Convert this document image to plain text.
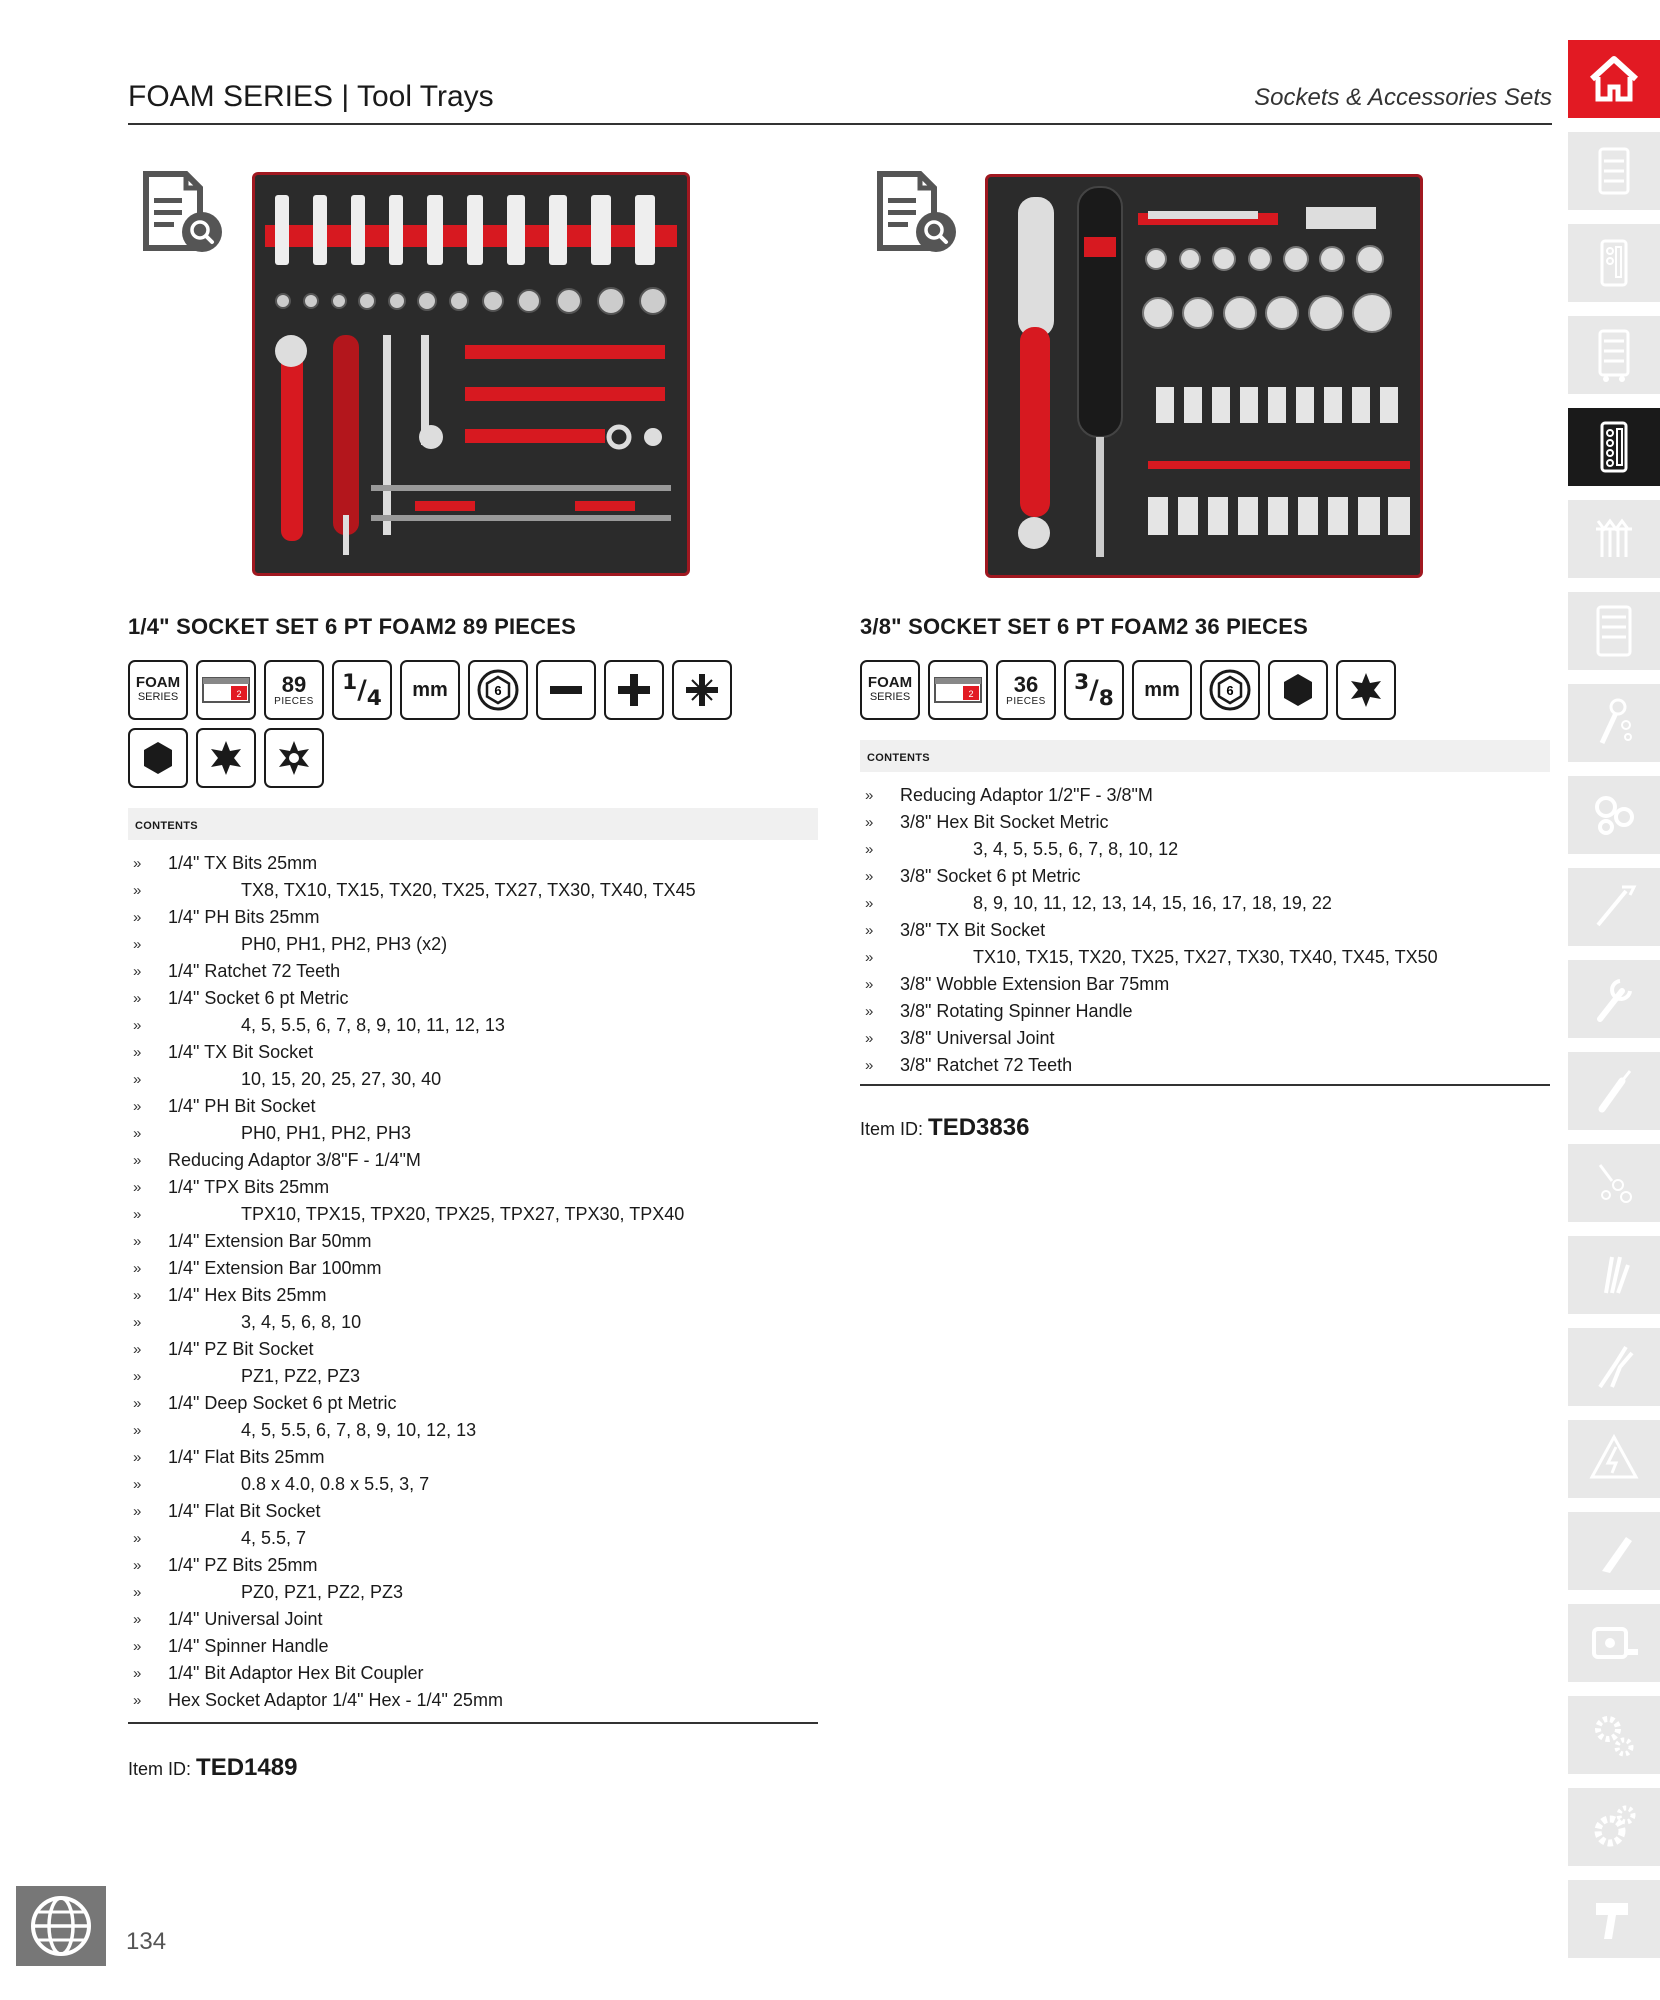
FOAM SERIES | Tool Trays	Sockets & Accessories Sets
1/4" SOCKET SET 6 PT FOAM2 89 PIECES
FOAM
SERIES	2 89
PIECES
$^1/_4$ mm	6
CONTENTS
» 1/4" TX Bits 25mm
»	TX8, TX10, TX15, TX20, TX25, TX27, TX30, TX40, TX45
» 1/4" PH Bits 25mm
»	PH0, PH1, PH2, PH3 (x2)
» 1/4" Ratchet 72 Teeth
» 1/4" Socket 6 pt Metric
»	4, 5, 5.5, 6, 7, 8, 9, 10, 11, 12, 13
» 1/4" TX Bit Socket
»	10, 15, 20, 25, 27, 30, 40
» 1/4" PH Bit Socket
»	PH0, PH1, PH2, PH3
» Reducing Adaptor 3/8"F - 1/4"M
» 1/4" TPX Bits 25mm
»	TPX10, TPX15, TPX20, TPX25, TPX27, TPX30, TPX40
» 1/4" Extension Bar 50mm
» 1/4" Extension Bar 100mm
» 1/4" Hex Bits 25mm
»	3, 4, 5, 6, 8, 10
» 1/4" PZ Bit Socket
»	PZ1, PZ2, PZ3
» 1/4" Deep Socket 6 pt Metric
»	4, 5, 5.5, 6, 7, 8, 9, 10, 12, 13
» 1/4" Flat Bits 25mm
»	0.8 x 4.0, 0.8 x 5.5, 3, 7
» 1/4" Flat Bit Socket
»	4, 5.5, 7
» 1/4" PZ Bits 25mm
»	PZ0, PZ1, PZ2, PZ3
» 1/4" Universal Joint
» 1/4" Spinner Handle
» 1/4" Bit Adaptor Hex Bit Coupler
» Hex Socket Adaptor 1/4" Hex - 1/4" 25mm
Item ID: TED1489
3/8" SOCKET SET 6 PT FOAM2 36 PIECES
FOAM
SERIES	2 36
PIECES
$^3/_8$ mm	6
CONTENTS
» Reducing Adaptor 1/2"F - 3/8"M
» 3/8" Hex Bit Socket Metric
»	3, 4, 5, 5.5, 6, 7, 8, 10, 12
» 3/8" Socket 6 pt Metric
»	8, 9, 10, 11, 12, 13, 14, 15, 16, 17, 18, 19, 22
» 3/8" TX Bit Socket
»	TX10, TX15, TX20, TX25, TX27, TX30, TX40, TX45, TX50
» 3/8" Wobble Extension Bar 75mm
» 3/8" Rotating Spinner Handle
» 3/8" Universal Joint
» 3/8" Ratchet 72 Teeth
Item ID: TED3836
134
